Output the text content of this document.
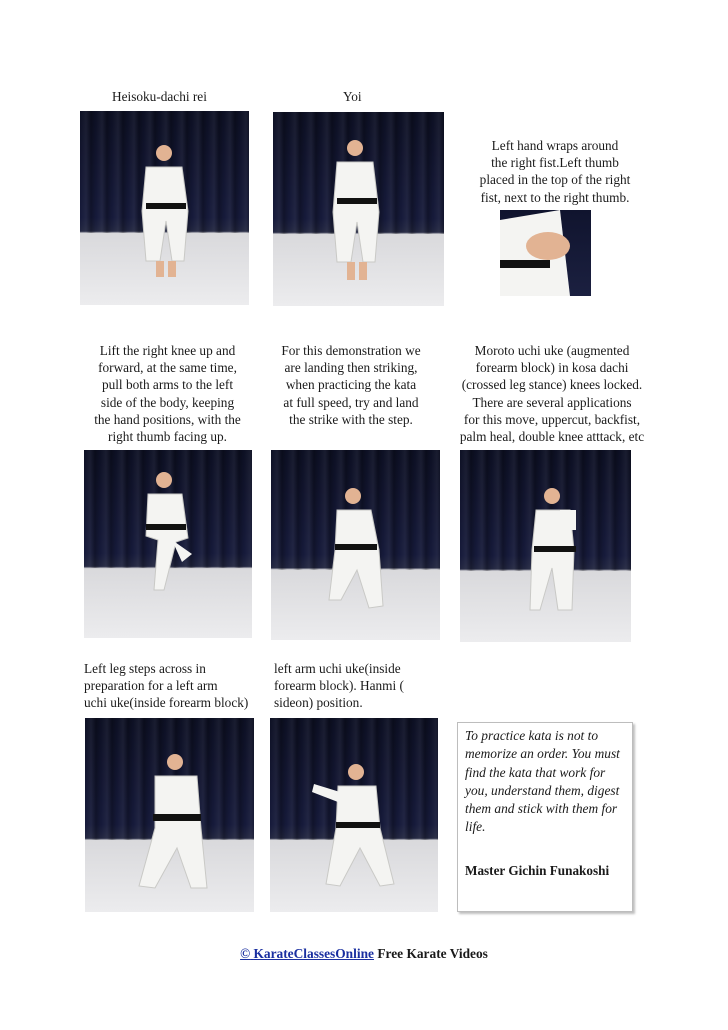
Heisoku-dachi rei	Yoi
Left hand wraps around
the right fist.Left thumb
placed in the top of the right
fist, next to the right thumb.
Lift the right knee up and
forward, at the same time,
pull both arms to the left
side of the body, keeping
the hand positions, with the
right thumb facing up.
For this demonstration we
are landing then striking,
when practicing the kata
at full speed, try and land
the strike with the step.
Moroto uchi uke (augmented
forearm block) in kosa dachi
(crossed leg stance) knees locked.
There are several applications
for this move, uppercut, backfist,
palm heal, double knee atttack, etc
Left leg steps across in
preparation for a left arm
uchi uke(inside forearm block)
left arm uchi uke(inside
forearm block). Hanmi (
sideon) position.
To practice kata is not to memorize an order. You must find the kata that work for you, understand them, digest them and stick with them for life.
Master Gichin Funakoshi
© KarateClassesOnline Free Karate Videos
